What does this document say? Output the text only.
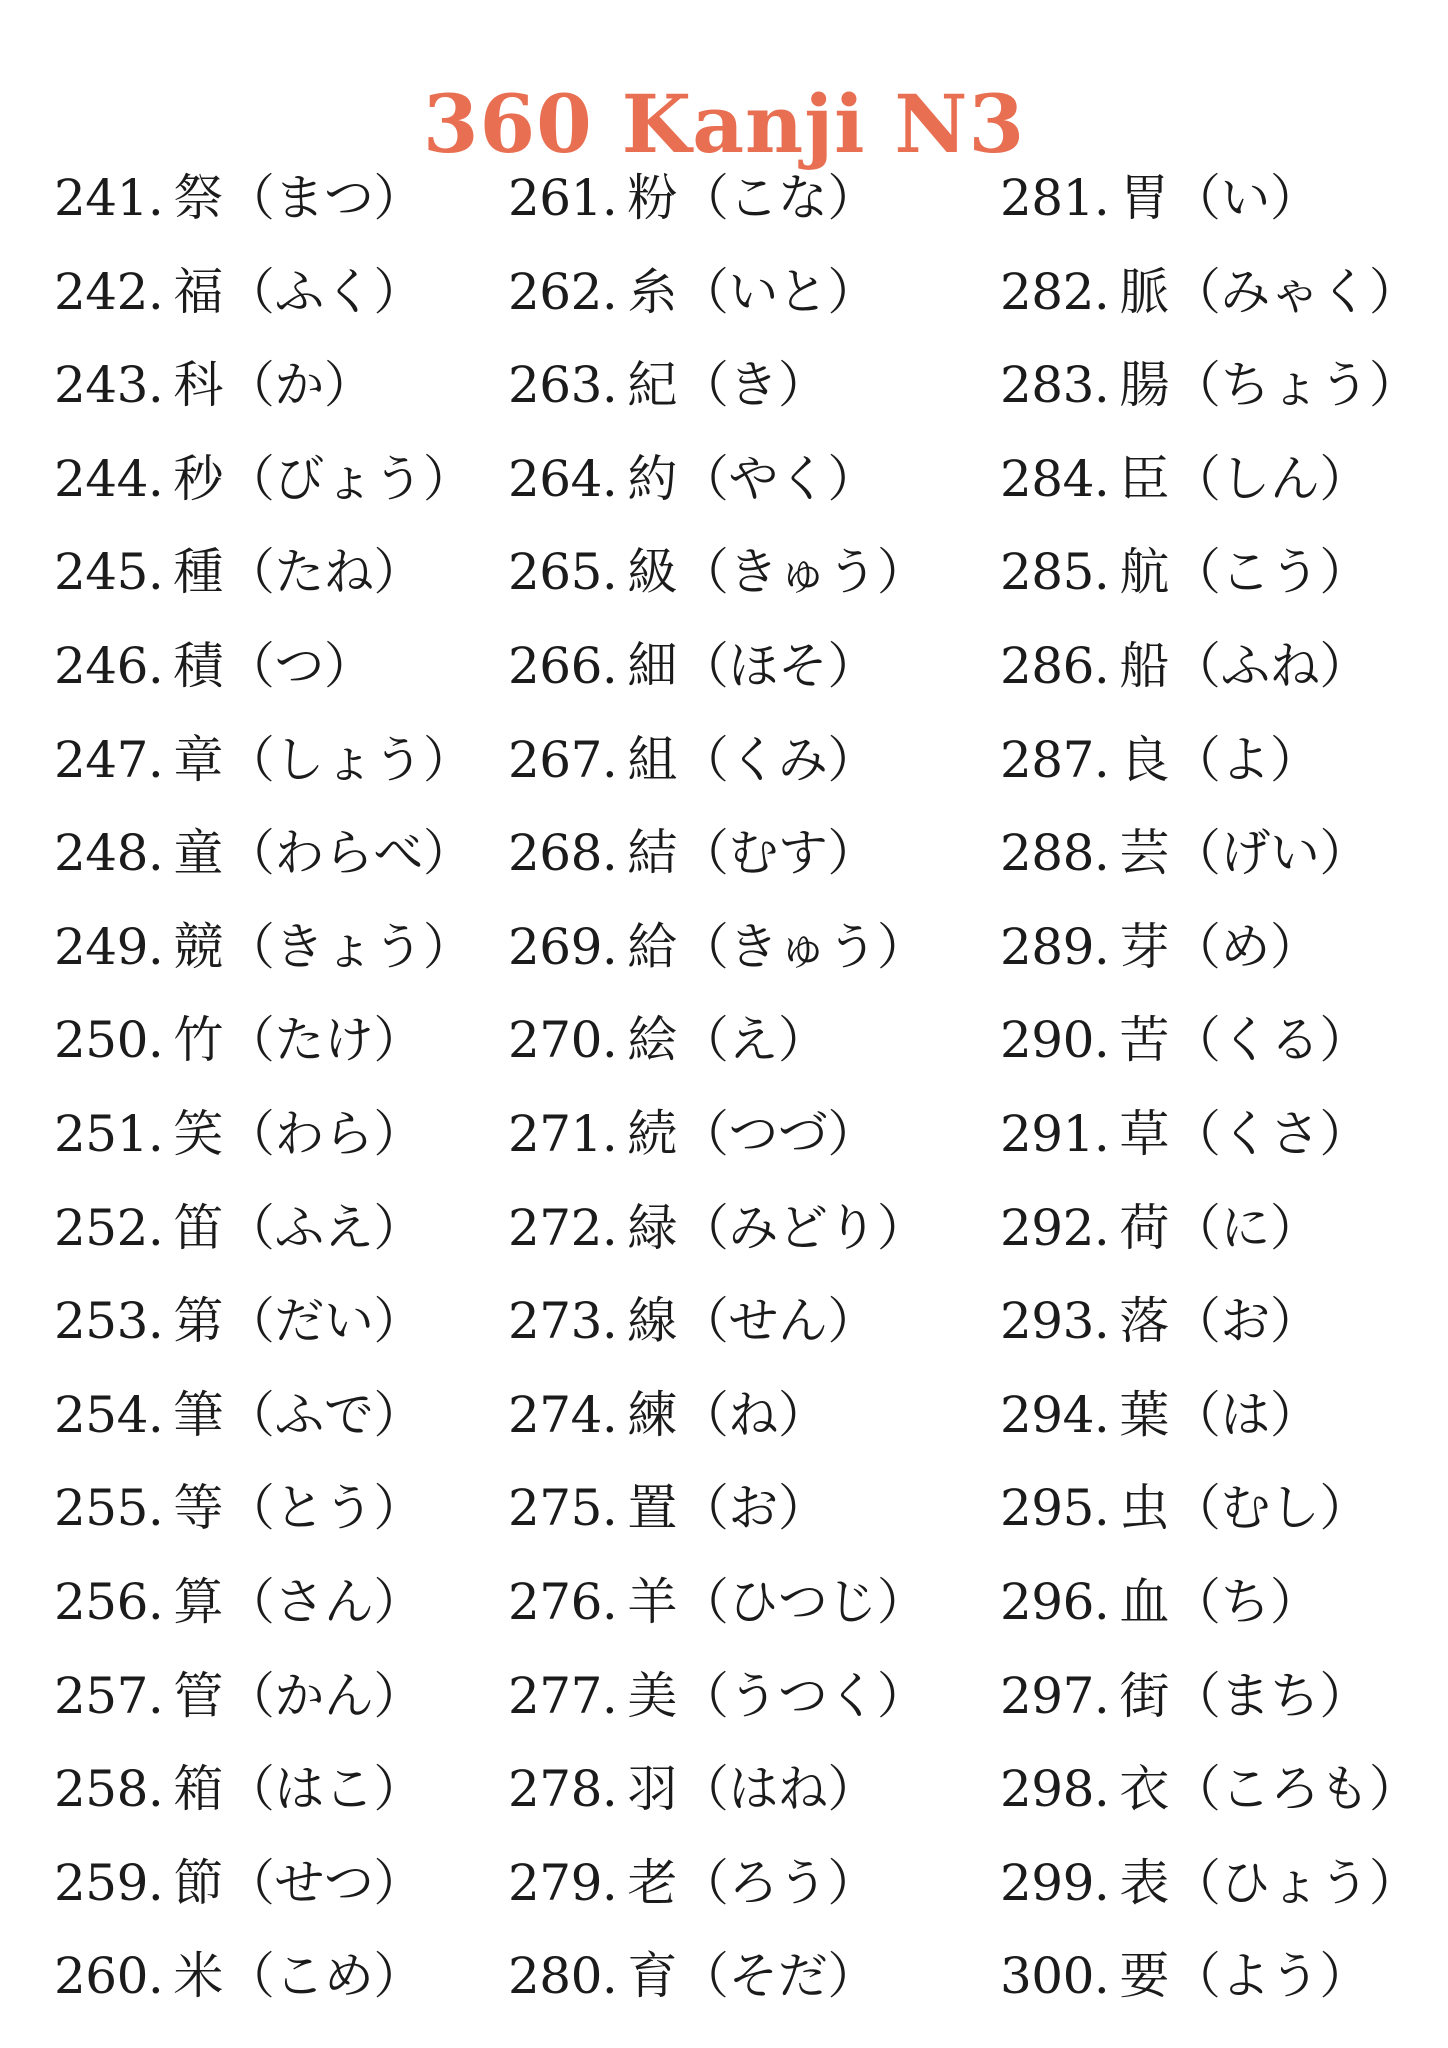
360 Kanji N3
241. 祭 （まつ）
242. 福 （ふく）
243. 科 （か）
244. 秒 （びょう）
245. 種 （たね）
246. 積 （つ）
247. 章 （しょう）
248. 童 （わらべ）
249. 競 （きょう）
250. 竹 （たけ）
251. 笑 （わら）
252. 笛 （ふえ）
253. 第 （だい）
254. 筆 （ふで）
255. 等 （とう）
256. 算 （さん）
257. 管 （かん）
258. 箱 （はこ）
259. 節 （せつ）
260. 米 （こめ）
261. 粉 （こな）
262. 糸 （いと）
263. 紀 （き）
264. 約 （やく）
265. 級 （きゅう）
266. 細 （ほそ）
267. 組 （くみ）
268. 結 （むす）
269. 給 （きゅう）
270. 絵 （え）
271. 続 （つづ）
272. 緑 （みどり）
273. 線 （せん）
274. 練 （ね）
275. 置 （お）
276. 羊 （ひつじ）
277. 美 （うつく）
278. 羽 （はね）
279. 老 （ろう）
280. 育 （そだ）
281. 胃 （い）
282. 脈 （みゃく）
283. 腸 （ちょう）
284. 臣 （しん）
285. 航 （こう）
286. 船 （ふね）
287. 良 （よ）
288. 芸 （げい）
289. 芽 （め）
290. 苦 （くる）
291. 草 （くさ）
292. 荷 （に）
293. 落 （お）
294. 葉 （は）
295. 虫 （むし）
296. 血 （ち）
297. 街 （まち）
298. 衣 （ころも）
299. 表 （ひょう）
300. 要 （よう）
